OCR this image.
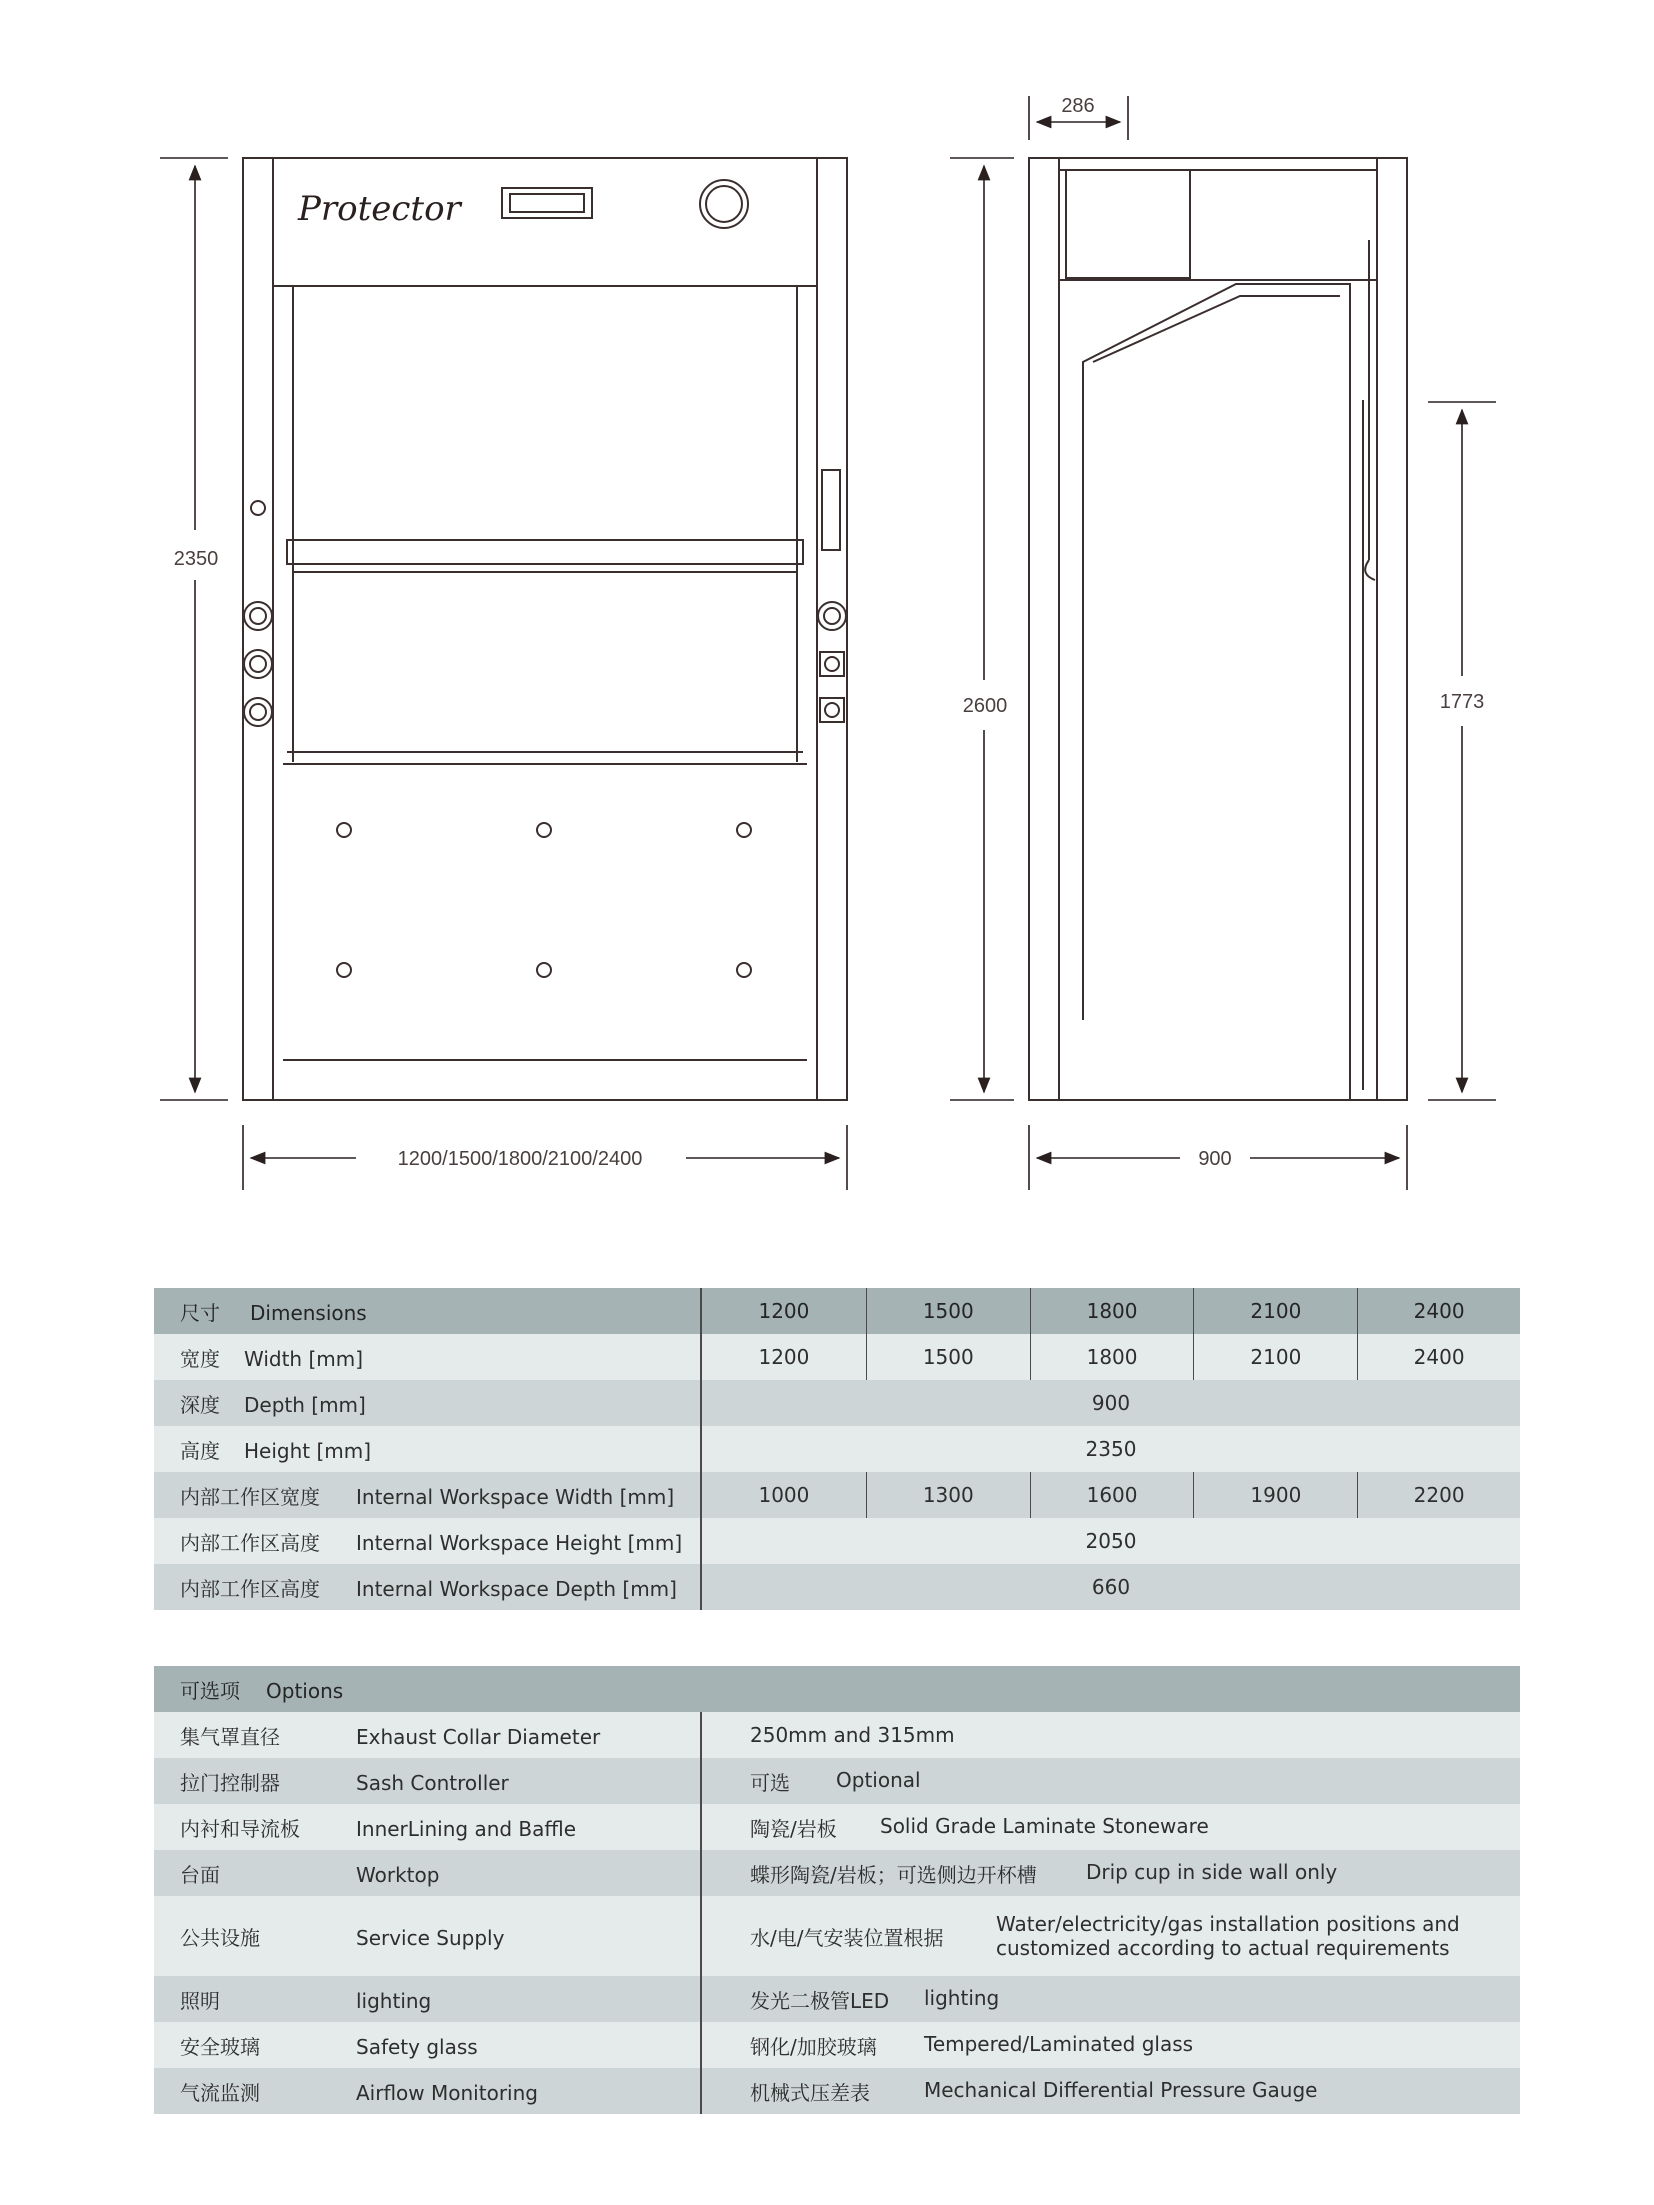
Protector
2350
1200/1500/1800/2100/2400
286
2600
900
1773
尺寸 Dimensions	1200	1500	1800	2100	2400
宽度 Width [mm]	1200	1500	1800	2100	2400
深度 Depth [mm]	900				
高度 Height [mm]	2350				
内部工作区宽度 Internal Workspace Width [mm]	1000	1300	1600	1900	2200
内部工作区高度 Internal Workspace Height [mm]	2050				
内部工作区高度 Internal Workspace Depth [mm]	660				
可选项 Options	
集气罩直径 Exhaust Collar Diameter	250mm and 315mm
拉门控制器 Sash Controller	可选 Optional
内衬和导流板 InnerLining and Baffle	陶瓷/岩板 Solid Grade Laminate Stoneware
台面 Worktop	蝶形陶瓷/岩板；可选侧边开杯槽 Drip cup in side wall only
公共设施 Service Supply	水/电/气安装位置根据
Water/electricity/gas installation positions and
customized according to actual requirements

照明 lighting	发光二极管LED lighting
安全玻璃 Safety glass	钢化/加胶玻璃 Tempered/Laminated glass
气流监测 Airflow Monitoring	机械式压差表 Mechanical Differential Pressure Gauge
